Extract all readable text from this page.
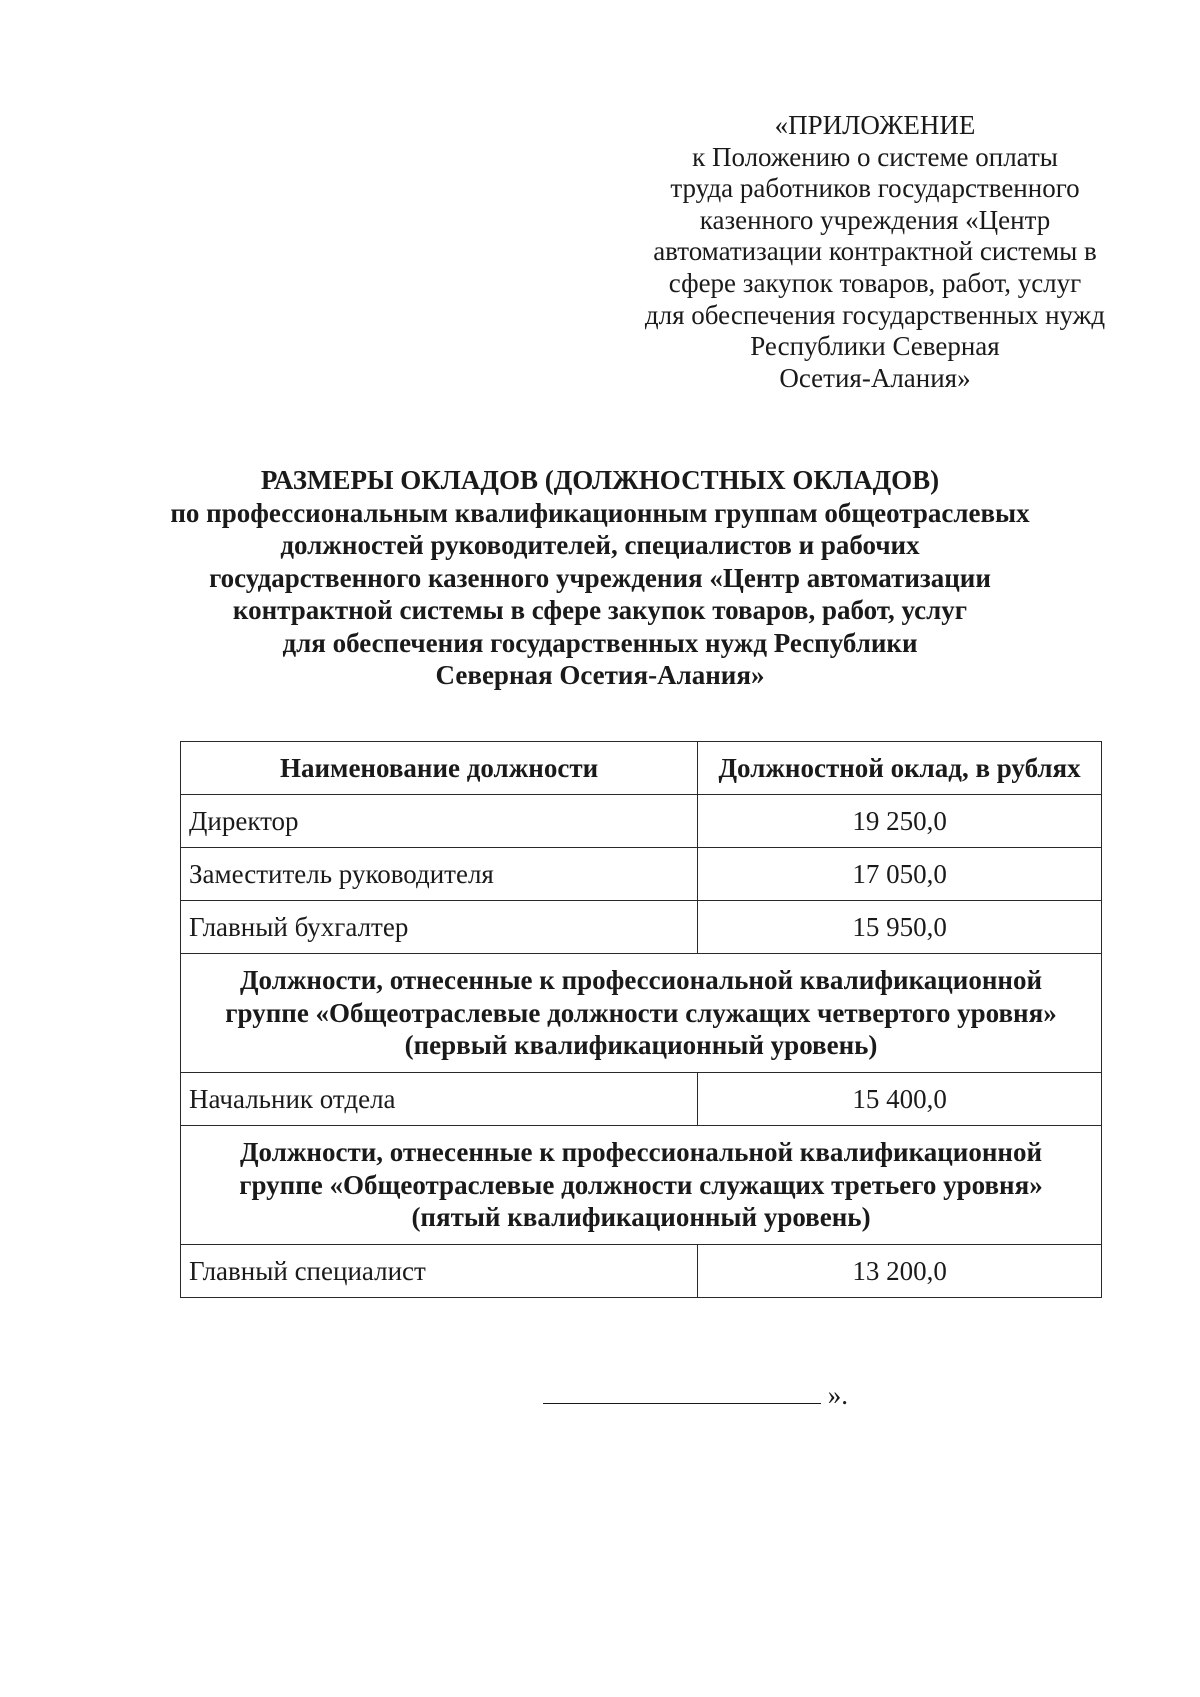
«ПРИЛОЖЕНИЕ
к Положению о системе оплаты
труда работников государственного
казенного учреждения «Центр
автоматизации контрактной системы в
сфере закупок товаров, работ, услуг
для обеспечения государственных нужд
Республики Северная
Осетия-Алания»
РАЗМЕРЫ ОКЛАДОВ (ДОЛЖНОСТНЫХ ОКЛАДОВ)
по профессиональным квалификационным группам общеотраслевых
должностей руководителей, специалистов и рабочих
государственного казенного учреждения «Центр автоматизации
контрактной системы в сфере закупок товаров, работ, услуг
для обеспечения государственных нужд Республики
Северная Осетия-Алания»
Наименование должности	Должностной оклад, в рублях
Директор	19 250,0
Заместитель руководителя	17 050,0
Главный бухгалтер	15 950,0

Должности, отнесенные к профессиональной квалификационной
группе «Общеотраслевые должности служащих четвертого уровня»
(первый квалификационный уровень)	

Начальник отдела	15 400,0

Должности, отнесенные к профессиональной квалификационной
группе «Общеотраслевые должности служащих третьего уровня»
(пятый квалификационный уровень)	

Главный специалист	13 200,0
».
